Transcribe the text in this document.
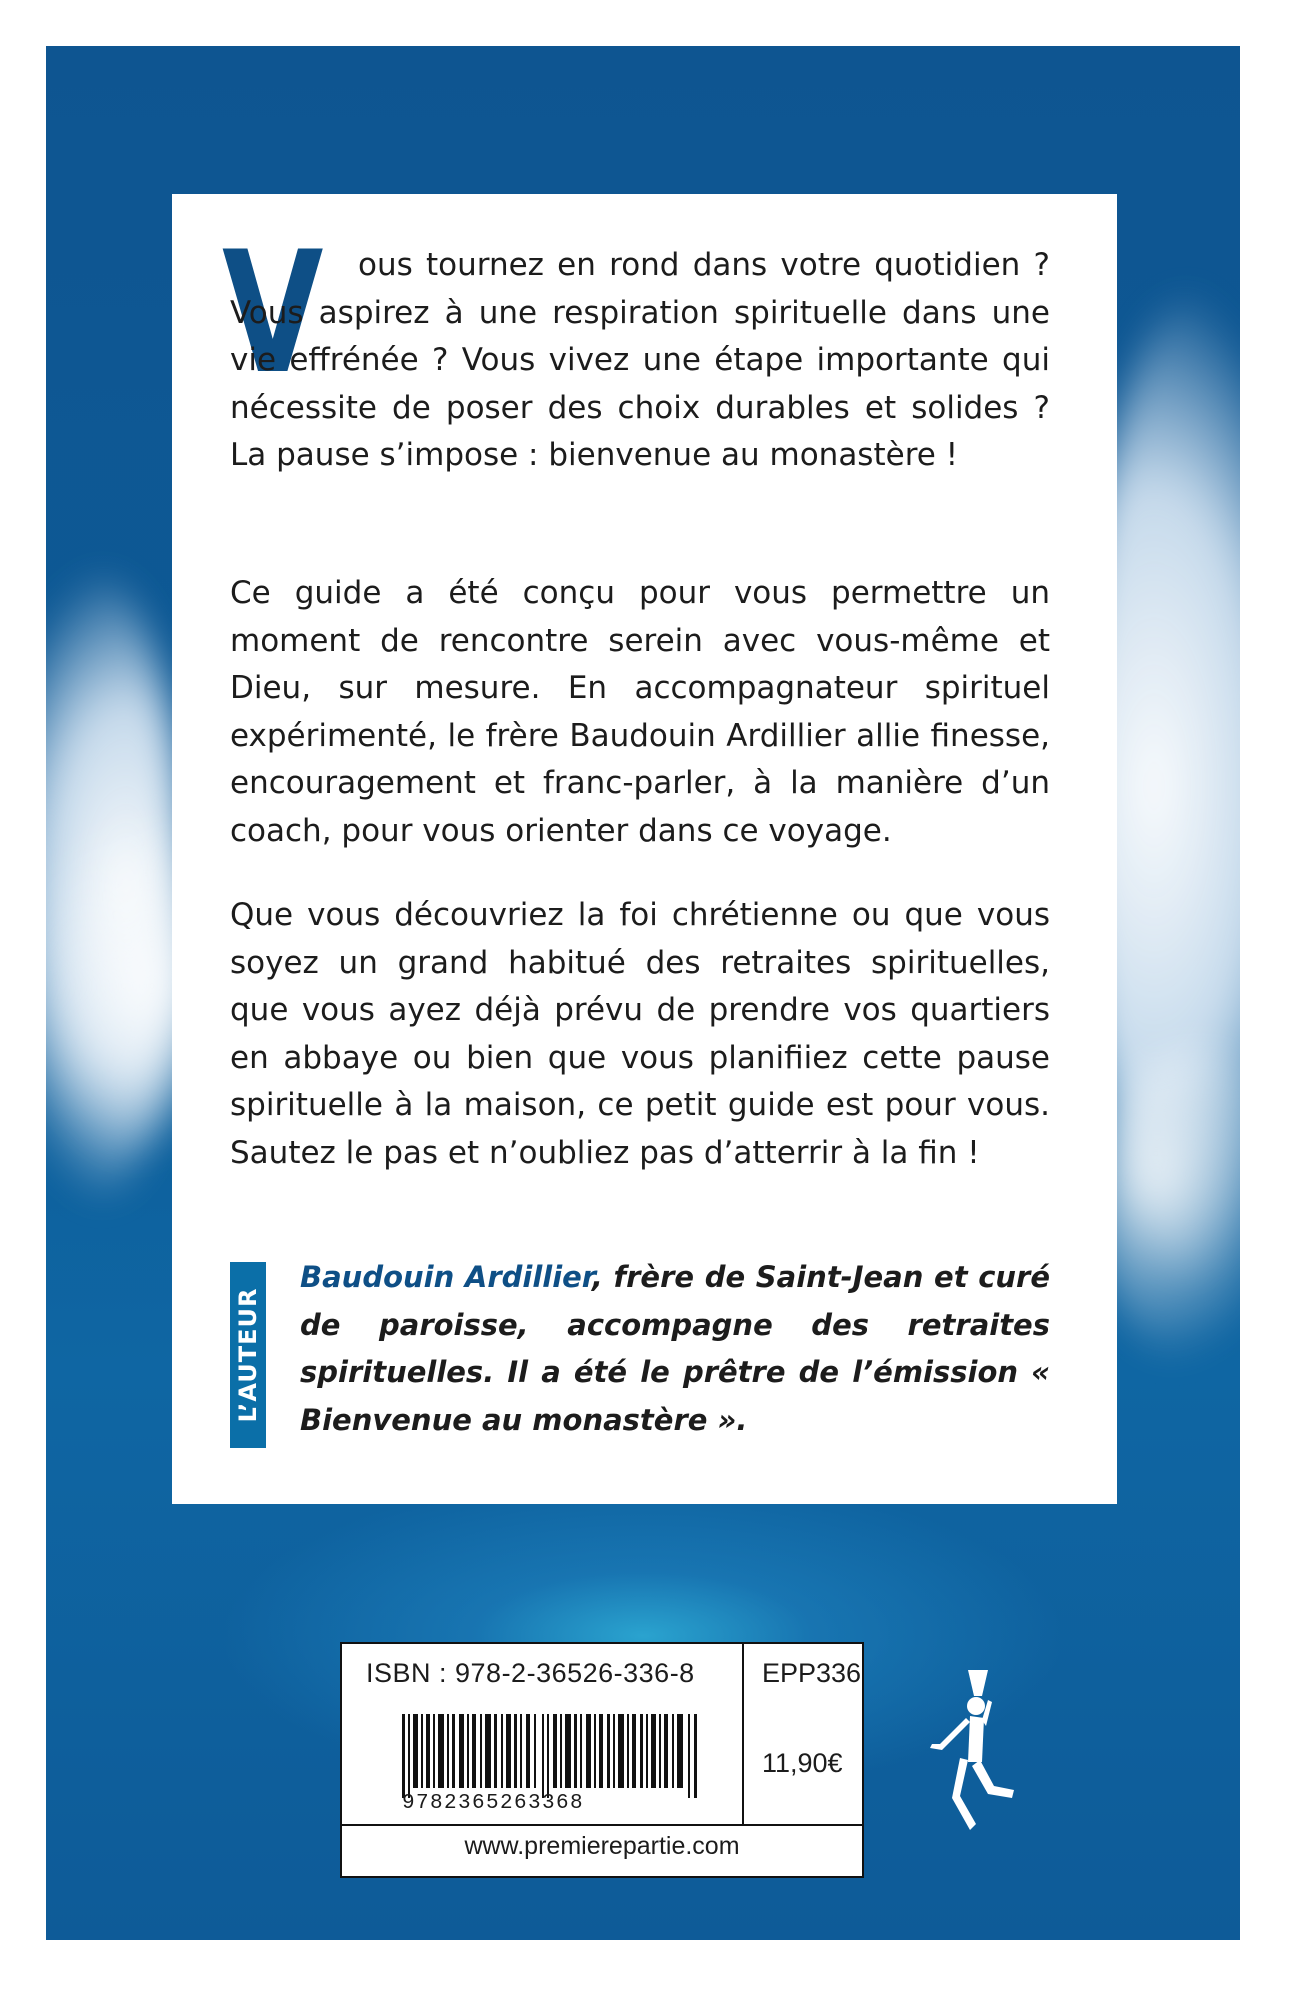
V	ous tournez en rond dans votre quotidien ? Vous aspirez à une respiration spirituelle dans une vie effrénée ? Vous vivez une étape importante qui nécessite de poser des choix durables et solides ? La pause s’impose : bienvenue au monastère !
Ce guide a été conçu pour vous permettre un moment de rencontre serein avec vous-même et Dieu, sur mesure. En accompagnateur spirituel expérimenté, le frère Baudouin Ardillier allie finesse, encouragement et franc-parler, à la manière d’un coach, pour vous orienter dans ce voyage.
Que vous découvriez la foi chrétienne ou que vous soyez un grand habitué des retraites spirituelles, que vous ayez déjà prévu de prendre vos quartiers en abbaye ou bien que vous planifiiez cette pause spirituelle à la maison, ce petit guide est pour vous. Sautez le pas et n’oubliez pas d’atterrir à la fin !
L’AUTEUR
Baudouin Ardillier, frère de Saint-Jean et curé de paroisse, accompagne des retraites spirituelles. Il a été le prêtre de l’émission « Bienvenue au monastère ».
ISBN : 978-2-36526-336-8 EPP336
11,90€
9782365263368
www.premierepartie.com
